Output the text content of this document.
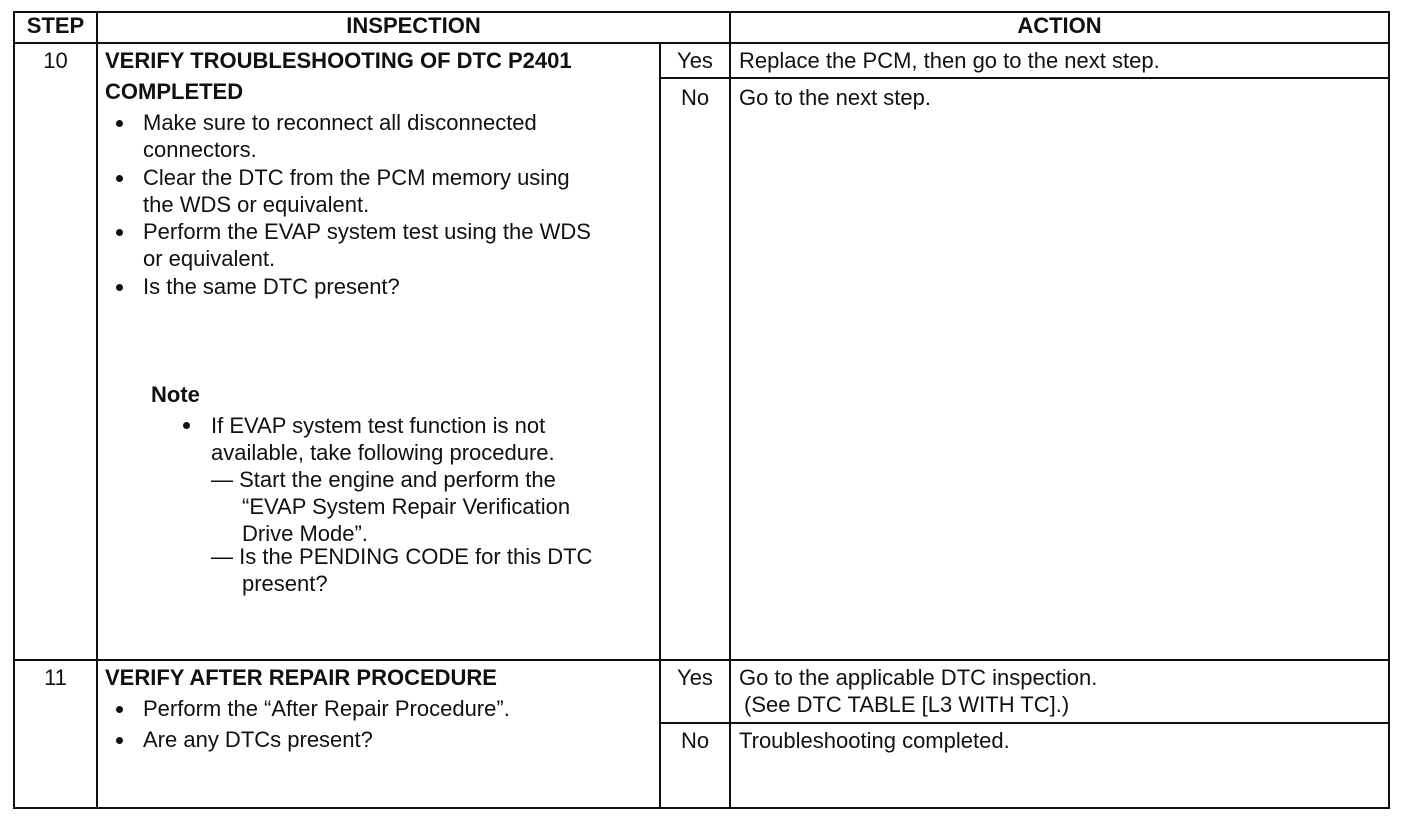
STEP	INSPECTION	ACTION
10	VERIFY TROUBLESHOOTING OF DTC P2401
COMPLETED
Make sure to reconnect all disconnected
connectors.
Clear the DTC from the PCM memory using
the WDS or equivalent.
Perform the EVAP system test using the WDS
or equivalent.
Is the same DTC present?
Note
If EVAP system test function is not
available, take following procedure.
— Start the engine and perform the
“EVAP System Repair Verification
Drive Mode”.
— Is the PENDING CODE for this DTC
present?
Yes	Replace the PCM, then go to the next step.
No	Go to the next step.
11	VERIFY AFTER REPAIR PROCEDURE
Perform the “After Repair Procedure”.
Are any DTCs present?
Yes	Go to the applicable DTC inspection.
(See DTC TABLE [L3 WITH TC].)
No	Troubleshooting completed.
